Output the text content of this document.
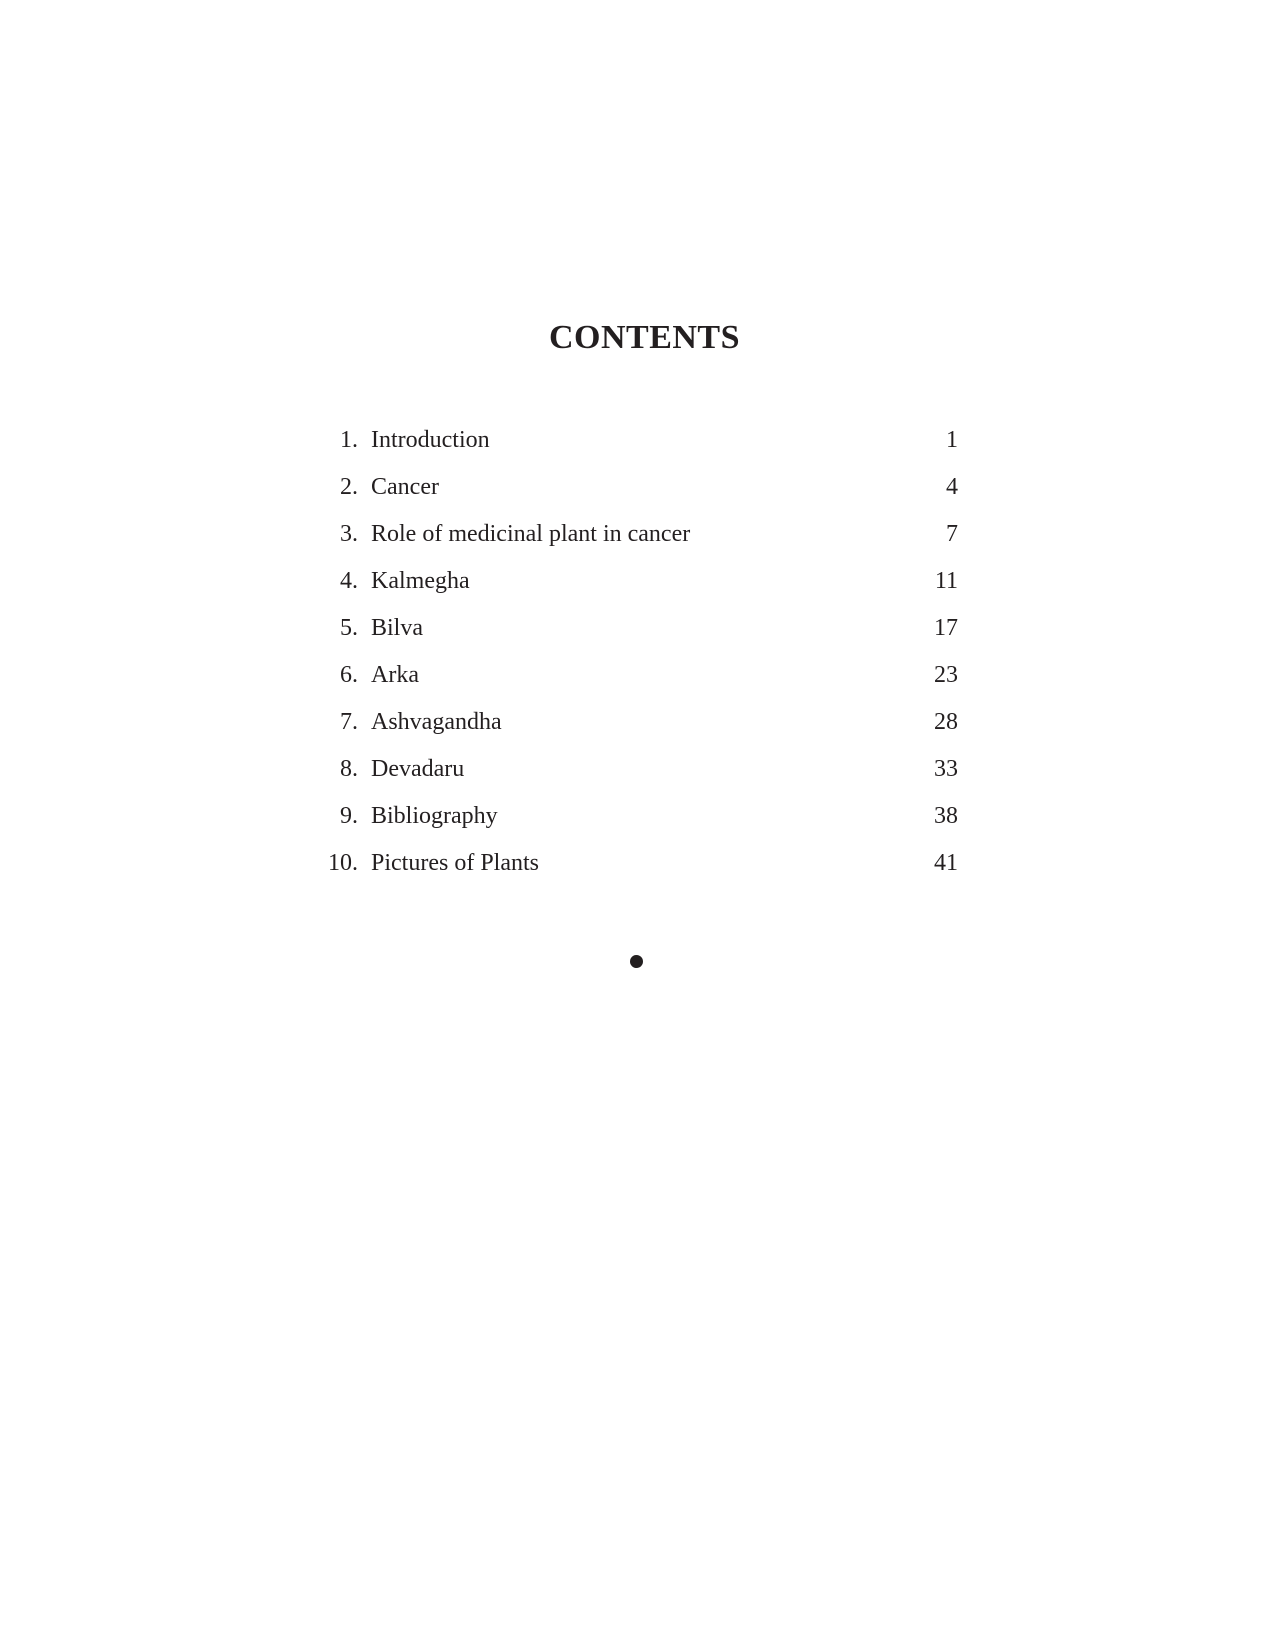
CONTENTS
1. Introduction	1
2. Cancer	4
3. Role of medicinal plant in cancer	7
4. Kalmegha	11
5. Bilva	17
6. Arka	23
7. Ashvagandha	28
8. Devadaru	33
9. Bibliography	38
10. Pictures of Plants	41
